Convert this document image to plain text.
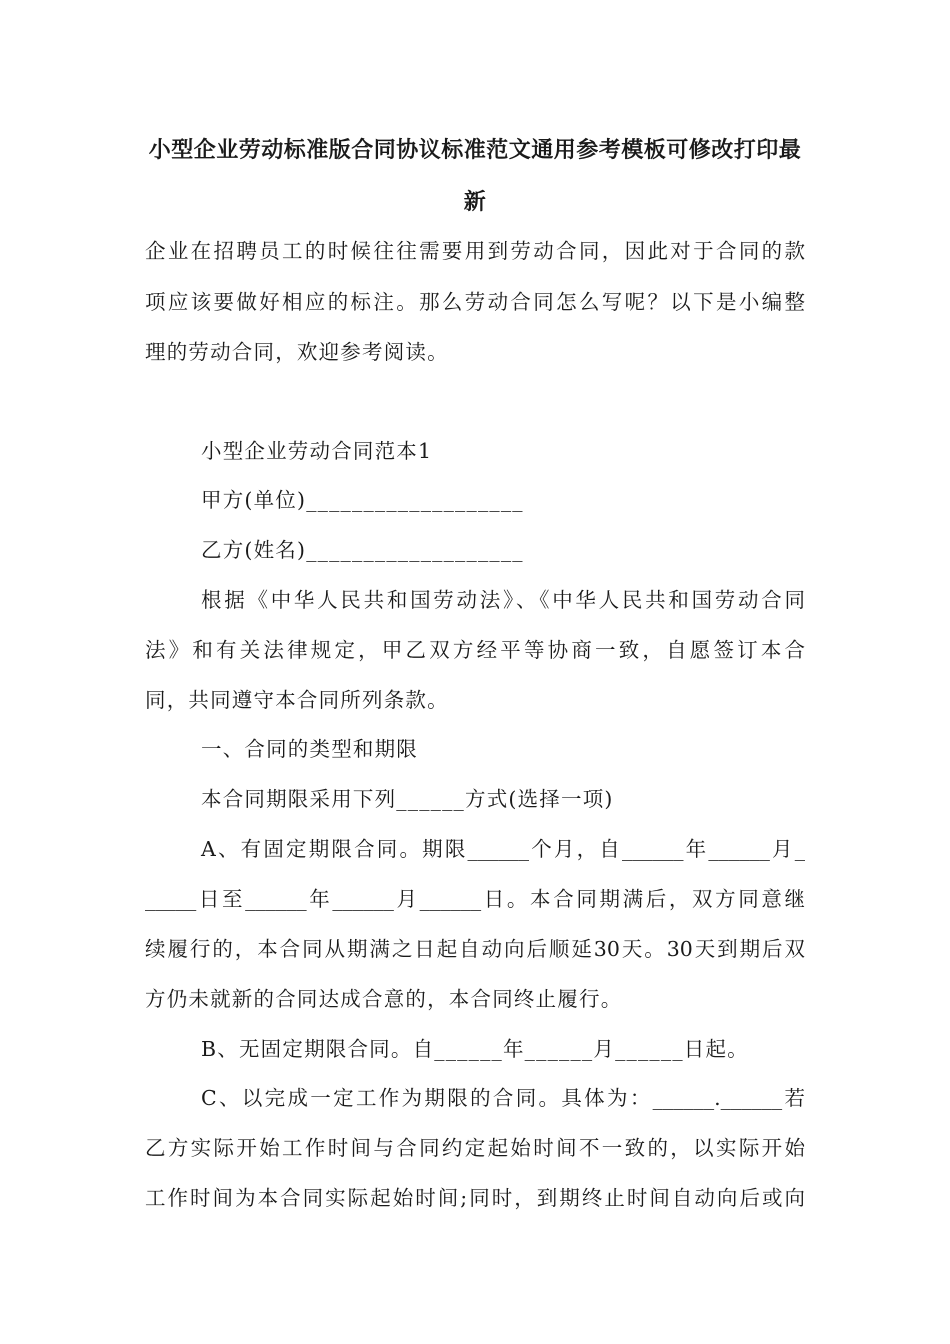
小型企业劳动标准版合同协议标准范文通用参考模板可修改打印最
新
企业在招聘员工的时候往往需要用到劳动合同，因此对于合同的款
项应该要做好相应的标注。那么劳动合同怎么写呢？以下是小编整
理的劳动合同，欢迎参考阅读。
小型企业劳动合同范本1
甲方(单位)___________________
乙方(姓名)___________________
根据《中华人民共和国劳动法》、《中华人民共和国劳动合同
法》和有关法律规定，甲乙双方经平等协商一致，自愿签订本合
同，共同遵守本合同所列条款。
一、合同的类型和期限
本合同期限采用下列______方式(选择一项)
A、有固定期限合同。期限______个月，自______年______月_
_____日至______年______月______日。本合同期满后，双方同意继
续履行的，本合同从期满之日起自动向后顺延30天。30天到期后双
方仍未就新的合同达成合意的，本合同终止履行。
B、无固定期限合同。自______年______月______日起。
C、以完成一定工作为期限的合同。具体为：______.______若
乙方实际开始工作时间与合同约定起始时间不一致的，以实际开始
工作时间为本合同实际起始时间;同时，到期终止时间自动向后或向
